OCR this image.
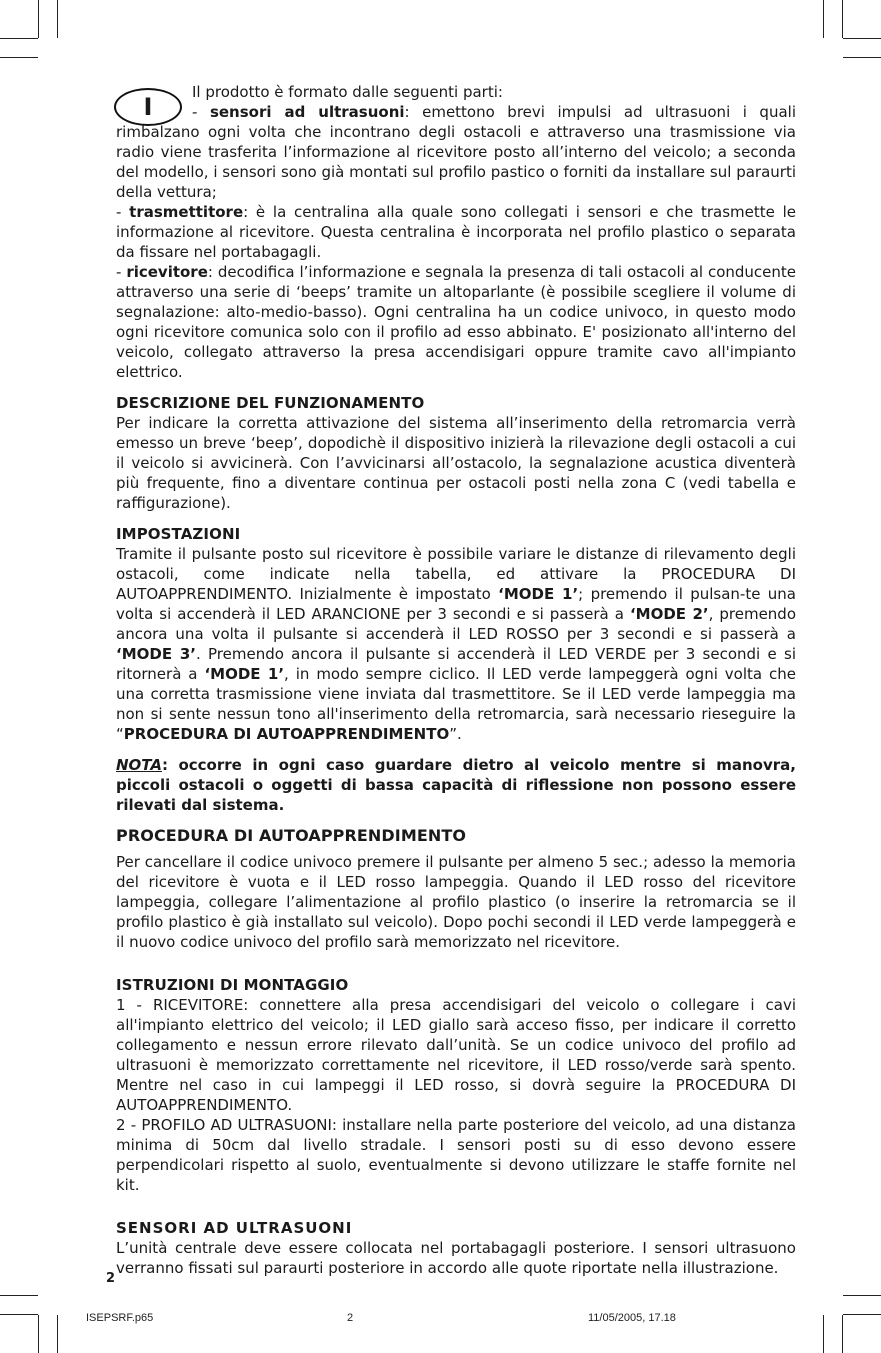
I

Il prodotto è formato dalle seguenti parti:

- sensori ad ultrasuoni: emettono brevi impulsi ad ultrasuoni i quali rimbalzano ogni volta che incontrano degli ostacoli e attraverso una trasmissione via radio viene trasferita l’informazione al ricevitore posto all’interno del veicolo; a seconda del modello, i sensori sono già montati sul profilo pastico o forniti da installare sul paraurti della vettura;

- trasmettitore: è la centralina alla quale sono collegati i sensori e che trasmette le informazione al ricevitore. Questa centralina è incorporata nel profilo plastico o separata da fissare nel portabagagli.

- ricevitore: decodifica l’informazione e segnala la presenza di tali ostacoli al conducente attraverso una serie di ‘beeps’ tramite un altoparlante (è possibile scegliere il volume di segnalazione: alto-medio-basso). Ogni centralina ha un codice univoco, in questo modo ogni ricevitore comunica solo con il profilo ad esso abbinato. E' posizionato all'interno del veicolo, collegato attraverso la presa accendisigari oppure tramite cavo all'impianto elettrico.

DESCRIZIONE DEL FUNZIONAMENTO

Per indicare la corretta attivazione del sistema all’inserimento della retromarcia verrà emesso un breve ‘beep’, dopodichè il dispositivo inizierà la rilevazione degli ostacoli a cui il veicolo si avvicinerà. Con l’avvicinarsi all’ostacolo, la segnalazione acustica diventerà più frequente, fino a diventare continua per ostacoli posti nella zona C (vedi tabella e raffigurazione).

IMPOSTAZIONI

Tramite il pulsante posto sul ricevitore è possibile variare le distanze di rilevamento degli ostacoli, come indicate nella tabella, ed attivare la PROCEDURA DI AUTOAPPRENDIMENTO. Inizialmente è impostato ‘MODE 1’; premendo il pulsan-te una volta si accenderà il LED ARANCIONE per 3 secondi e si passerà a ‘MODE 2’, premendo ancora una volta il pulsante si accenderà il LED ROSSO per 3 secondi e si passerà a ‘MODE 3’. Premendo ancora il pulsante si accenderà il LED VERDE per 3 secondi e si ritornerà a ‘MODE 1’, in modo sempre ciclico. Il LED verde lampeggerà ogni volta che una corretta trasmissione viene inviata dal trasmettitore. Se il LED verde lampeggia ma non si sente nessun tono all'inserimento della retromarcia, sarà necessario rieseguire la “PROCEDURA DI AUTOAPPRENDIMENTO”.

NOTA: occorre in ogni caso guardare dietro al veicolo mentre si manovra, piccoli ostacoli o oggetti di bassa capacità di riflessione non possono essere rilevati dal sistema.

PROCEDURA DI AUTOAPPRENDIMENTO

Per cancellare il codice univoco premere il pulsante per almeno 5 sec.; adesso la memoria del ricevitore è vuota e il LED rosso lampeggia. Quando il LED rosso del ricevitore lampeggia, collegare l’alimentazione al profilo plastico (o inserire la retromarcia se il profilo plastico è già installato sul veicolo). Dopo pochi secondi il LED verde lampeggerà e il nuovo codice univoco del profilo sarà memorizzato nel ricevitore.

ISTRUZIONI DI MONTAGGIO

1 - RICEVITORE: connettere alla presa accendisigari del veicolo o collegare i cavi all'impianto elettrico del veicolo; il LED giallo sarà acceso fisso, per indicare il corretto collegamento e nessun errore rilevato dall’unità. Se un codice univoco del profilo ad ultrasuoni è memorizzato correttamente nel ricevitore, il LED rosso/verde sarà spento. Mentre nel caso in cui lampeggi il LED rosso, si dovrà seguire la PROCEDURA DI AUTOAPPRENDIMENTO.

2 - PROFILO AD ULTRASUONI: installare nella parte posteriore del veicolo, ad una distanza minima di 50cm dal livello stradale. I sensori posti su di esso devono essere perpendicolari rispetto al suolo, eventualmente si devono utilizzare le staffe fornite nel kit.

SENSORI AD ULTRASUONI

L’unità centrale deve essere collocata nel portabagagli posteriore. I sensori ultrasuono verranno fissati sul paraurti posteriore in accordo alle quote riportate nella illustrazione.

2
ISEPSRF.p65	2	11/05/2005, 17.18
